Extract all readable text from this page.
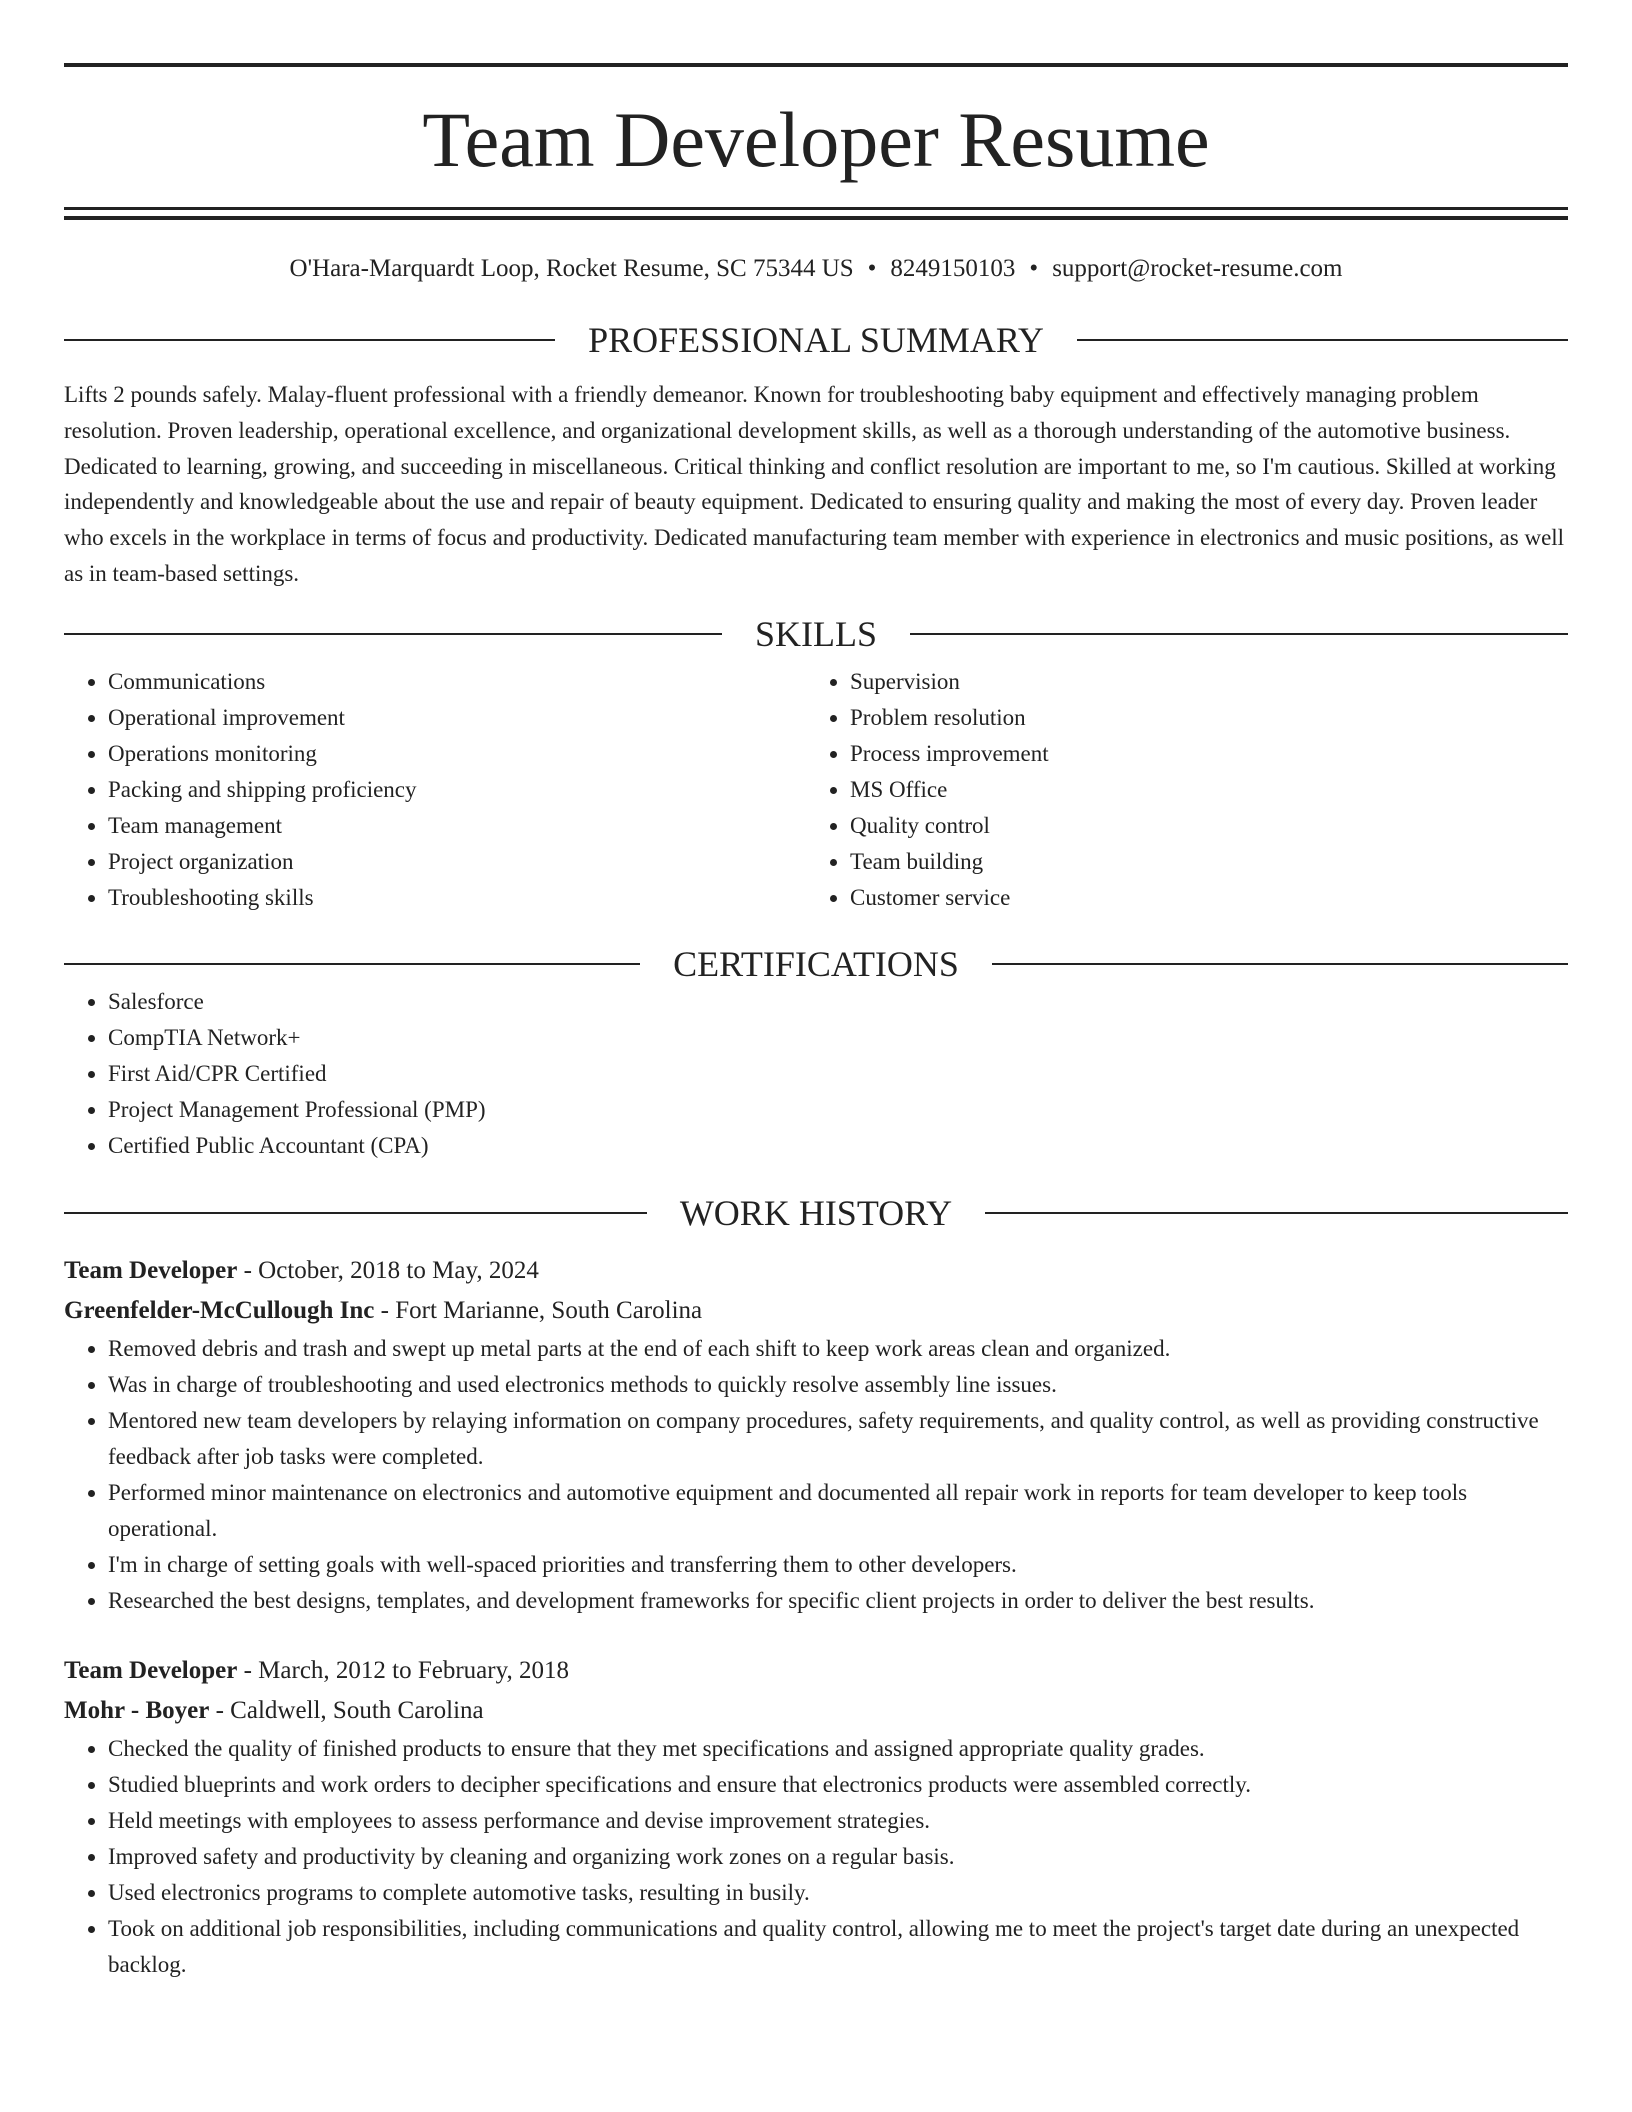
Team Developer Resume
O'Hara-Marquardt Loop, Rocket Resume, SC 75344 US • 8249150103 • support@rocket-resume.com
PROFESSIONAL SUMMARY
Lifts 2 pounds safely. Malay-fluent professional with a friendly demeanor. Known for troubleshooting baby equipment and effectively managing problem resolution. Proven leadership, operational excellence, and organizational development skills, as well as a thorough understanding of the automotive business. Dedicated to learning, growing, and succeeding in miscellaneous. Critical thinking and conflict resolution are important to me, so I'm cautious. Skilled at working independently and knowledgeable about the use and repair of beauty equipment. Dedicated to ensuring quality and making the most of every day. Proven leader who excels in the workplace in terms of focus and productivity. Dedicated manufacturing team member with experience in electronics and music positions, as well as in team-based settings.
SKILLS
• Communications
• Operational improvement
• Operations monitoring
• Packing and shipping proficiency
• Team management
• Project organization
• Troubleshooting skills
• Supervision
• Problem resolution
• Process improvement
• MS Office
• Quality control
• Team building
• Customer service
CERTIFICATIONS
• Salesforce
• CompTIA Network+
• First Aid/CPR Certified
• Project Management Professional (PMP)
• Certified Public Accountant (CPA)
WORK HISTORY
Team Developer - October, 2018 to May, 2024
Greenfelder-McCullough Inc - Fort Marianne, South Carolina
• Removed debris and trash and swept up metal parts at the end of each shift to keep work areas clean and organized.
• Was in charge of troubleshooting and used electronics methods to quickly resolve assembly line issues.
• Mentored new team developers by relaying information on company procedures, safety requirements, and quality control, as well as providing constructive feedback after job tasks were completed.
• Performed minor maintenance on electronics and automotive equipment and documented all repair work in reports for team developer to keep tools operational.
• I'm in charge of setting goals with well-spaced priorities and transferring them to other developers.
• Researched the best designs, templates, and development frameworks for specific client projects in order to deliver the best results.
Team Developer - March, 2012 to February, 2018
Mohr - Boyer - Caldwell, South Carolina
• Checked the quality of finished products to ensure that they met specifications and assigned appropriate quality grades.
• Studied blueprints and work orders to decipher specifications and ensure that electronics products were assembled correctly.
• Held meetings with employees to assess performance and devise improvement strategies.
• Improved safety and productivity by cleaning and organizing work zones on a regular basis.
• Used electronics programs to complete automotive tasks, resulting in busily.
• Took on additional job responsibilities, including communications and quality control, allowing me to meet the project's target date during an unexpected backlog.
